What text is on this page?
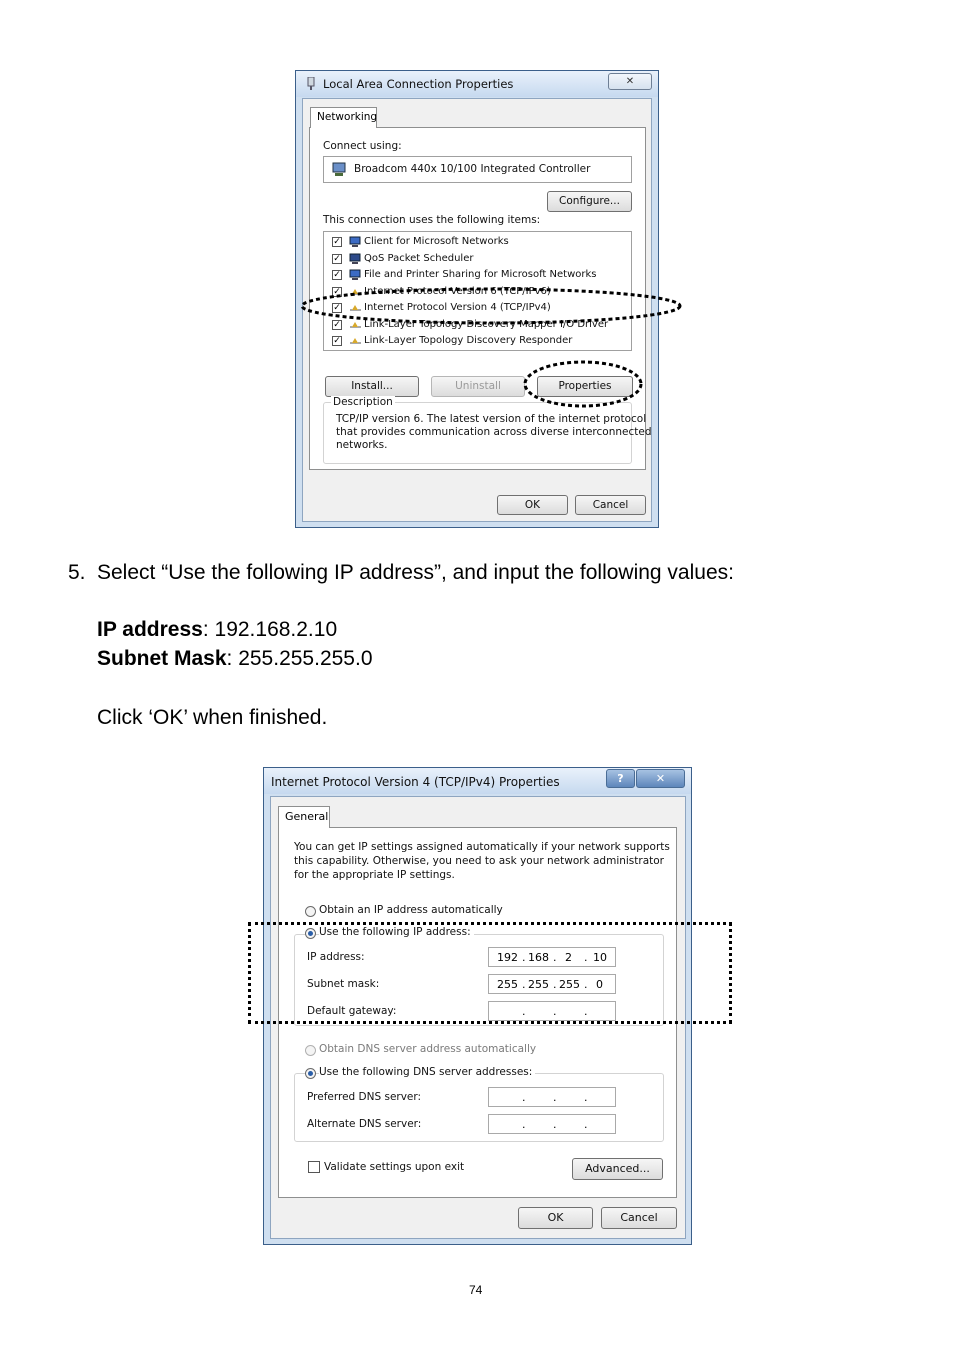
Local Area Connection Properties	✕
Networking
Connect using:
Broadcom 440x 10/100 Integrated Controller
Configure...
This connection uses the following items:
✓ Client for Microsoft Networks
✓ QoS Packet Scheduler
✓ File and Printer Sharing for Microsoft Networks
✓ Internet Protocol Version 6 (TCP/IPv6)
✓ Internet Protocol Version 4 (TCP/IPv4)
✓ Link-Layer Topology Discovery Mapper I/O Driver
✓ Link-Layer Topology Discovery Responder
Install...	Uninstall	Properties
Description
TCP/IP version 6. The latest version of the internet protocol
that provides communication across diverse interconnected
networks.
OK	Cancel
5. Select “Use the following IP address”, and input the following values:
IP address: 192.168.2.10
Subnet Mask: 255.255.255.0
Click ‘OK’ when finished.
Internet Protocol Version 4 (TCP/IPv4) Properties	?	✕
General
You can get IP settings assigned automatically if your network supports
this capability. Otherwise, you need to ask your network administrator
for the appropriate IP settings.
Obtain an IP address automatically
Use the following IP address:
IP address:	192 . 168 . 2 . 10
Subnet mask:	255 . 255 . 255 . 0
Default gateway:	.	.	.
Obtain DNS server address automatically
Use the following DNS server addresses:
Preferred DNS server:	.	.	.
Alternate DNS server:	.	.	.
Validate settings upon exit	Advanced...
OK	Cancel
74
